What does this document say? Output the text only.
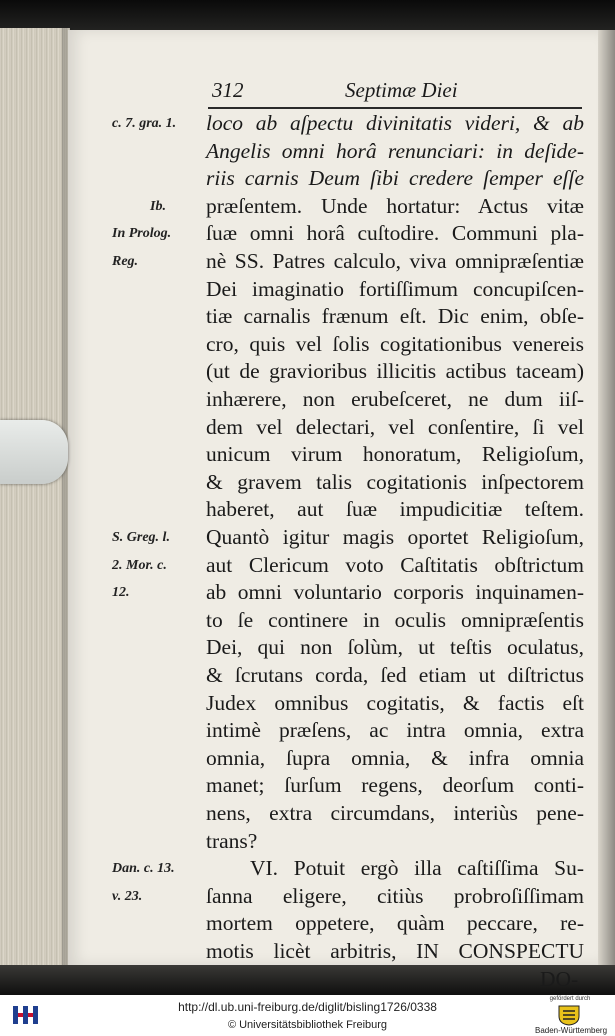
312	Septimæ Diei
loco ab aſpectu divinitatis videri, & ab
Angelis omni horâ renunciari: in deſide-
riis carnis Deum ſibi credere ſemper eſſe
præſentem. Unde hortatur: Actus vitæ
ſuæ omni horâ cuſtodire. Communi pla-
nè SS. Patres calculo, viva omnipræſentiæ
Dei imaginatio fortiſſimum concupiſcen-
tiæ carnalis frænum eſt. Dic enim, obſe-
cro, quis vel ſolis cogitationibus venereis
(ut de gravioribus illicitis actibus taceam)
inhærere, non erubeſceret, ne dum iiſ-
dem vel delectari, vel conſentire, ſi vel
unicum virum honoratum, Religioſum,
& gravem talis cogitationis inſpectorem
haberet, aut ſuæ impudicitiæ teſtem.
Quantò igitur magis oportet Religioſum,
aut Clericum voto Caſtitatis obſtrictum
ab omni voluntario corporis inquinamen-
to ſe continere in oculis omnipræſentis
Dei, qui non ſolùm, ut teſtis oculatus,
& ſcrutans corda, ſed etiam ut diſtrictus
Judex omnibus cogitatis, & factis eſt
intimè præſens, ac intra omnia, extra
omnia, ſupra omnia, & infra omnia
manet; ſurſum regens, deorſum conti-
nens, extra circumdans, interiùs pene-
trans?
VI. Potuit ergò illa caſtiſſima Su-
ſanna eligere, citiùs probroſiſſimam
mortem oppetere, quàm peccare, re-
motis licèt arbitris, IN CONSPECTU
DO-
c. 7. gra. 1.
Ib.
In Prolog.
Reg.
S. Greg. l.
2. Mor. c.
12.
Dan. c. 13.
v. 23.
http://dl.ub.uni-freiburg.de/diglit/bisling1726/0338
© Universitätsbibliothek Freiburg
gefördert durch
Baden-Württemberg
